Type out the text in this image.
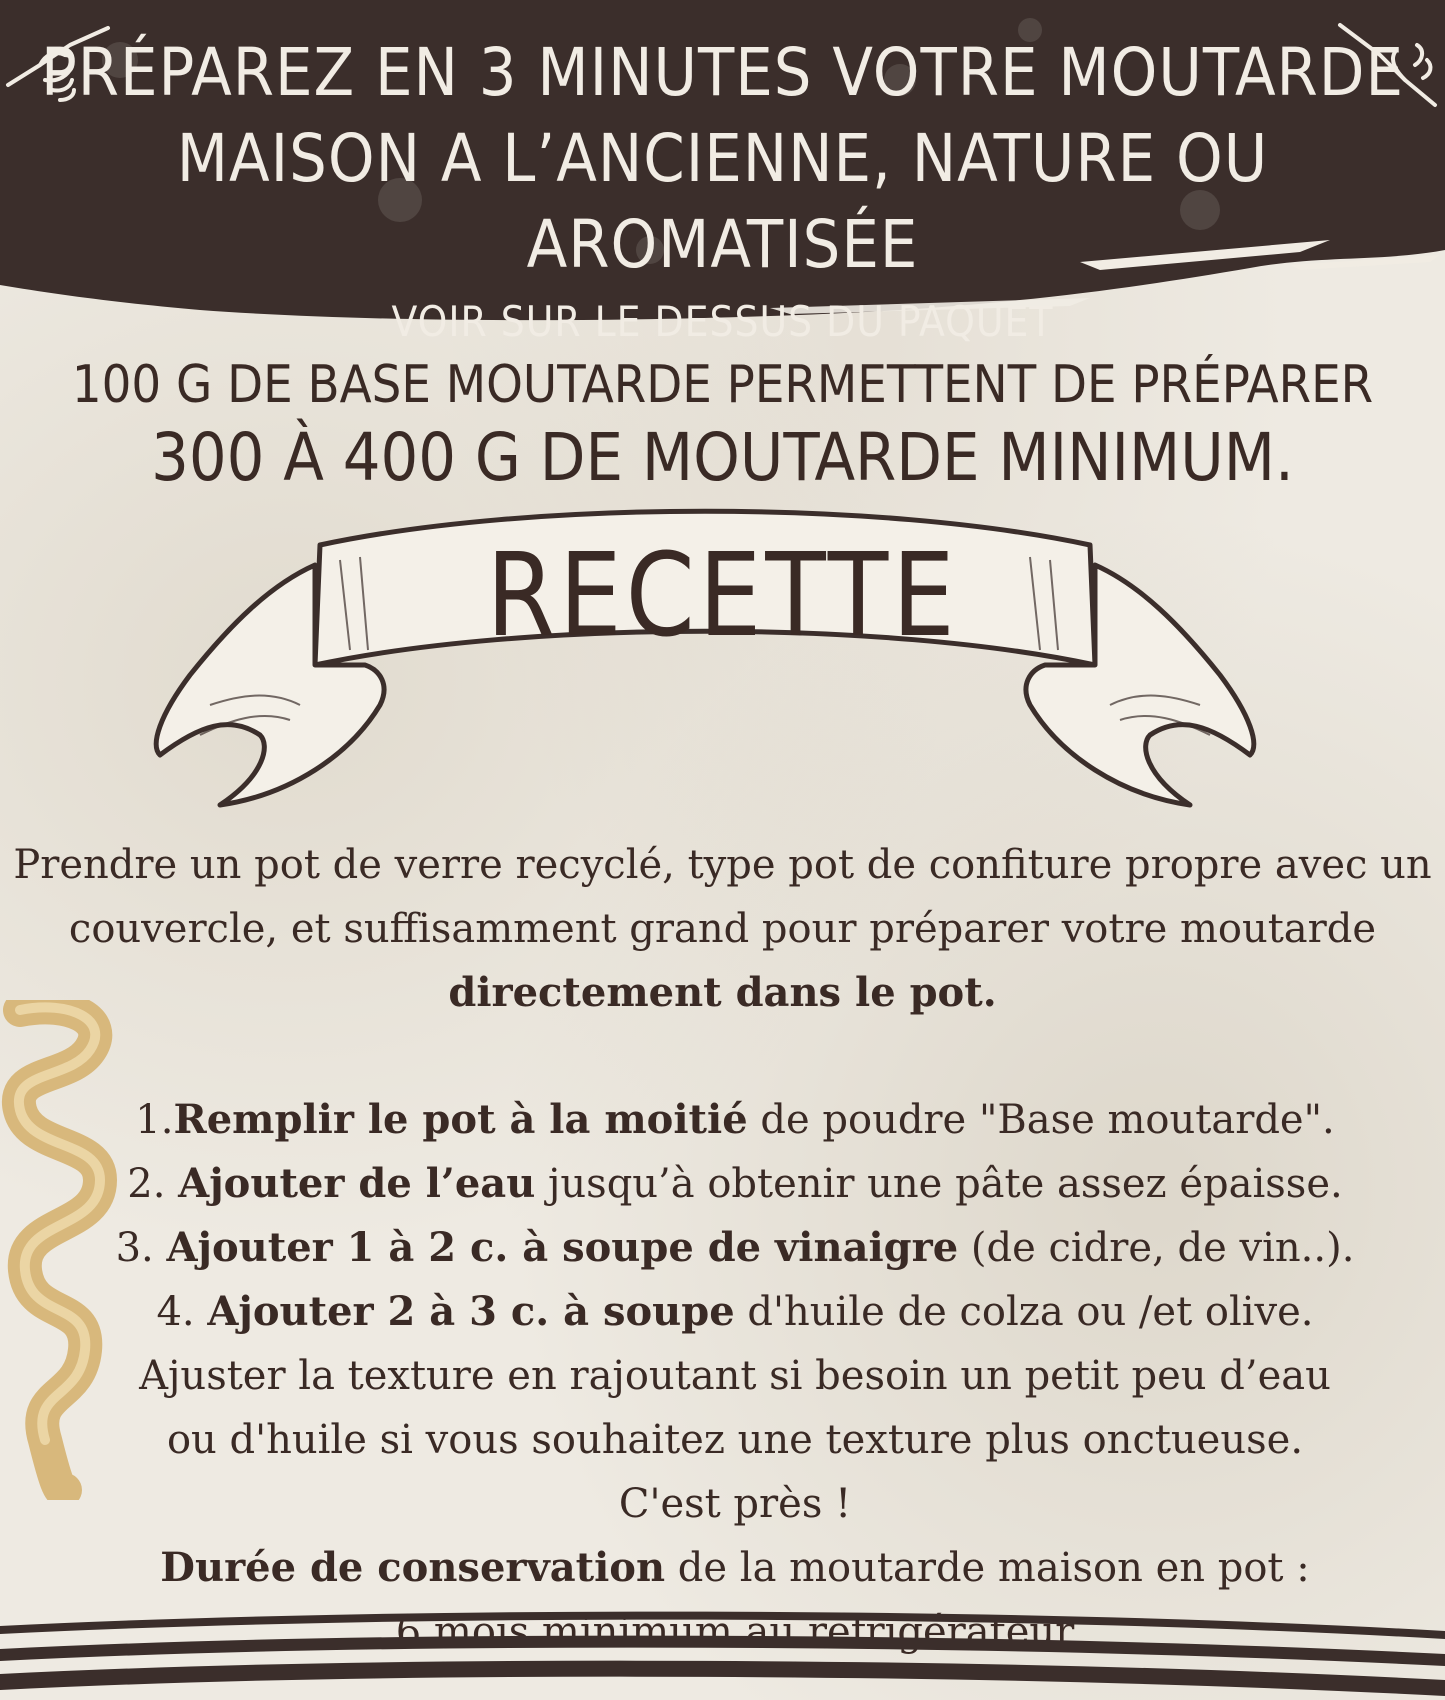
PRÉPAREZ EN 3 MINUTES VOTRE MOUTARDE
MAISON A L’ANCIENNE, NATURE OU AROMATISÉE
VOIR SUR LE DESSUS DU PAQUET
100 G DE BASE MOUTARDE PERMETTENT DE PRÉPARER
300 À 400 G DE MOUTARDE MINIMUM.
RECETTE
Prendre un pot de verre recyclé, type pot de confiture propre avec un
couvercle, et suffisamment grand pour préparer votre moutarde
directement dans le pot.

1.Remplir le pot à la moitié de poudre "Base moutarde".

2. Ajouter de l’eau jusqu’à obtenir une pâte assez épaisse.

3. Ajouter 1 à 2 c. à soupe de vinaigre (de cidre, de vin..).

4. Ajouter 2 à 3 c. à soupe d'huile de colza ou /et olive.

Ajuster la texture en rajoutant si besoin un petit peu d’eau

ou d'huile si vous souhaitez une texture plus onctueuse.

C'est près !

Durée de conservation de la moutarde maison en pot :

6 mois minimum au réfrigérateur
